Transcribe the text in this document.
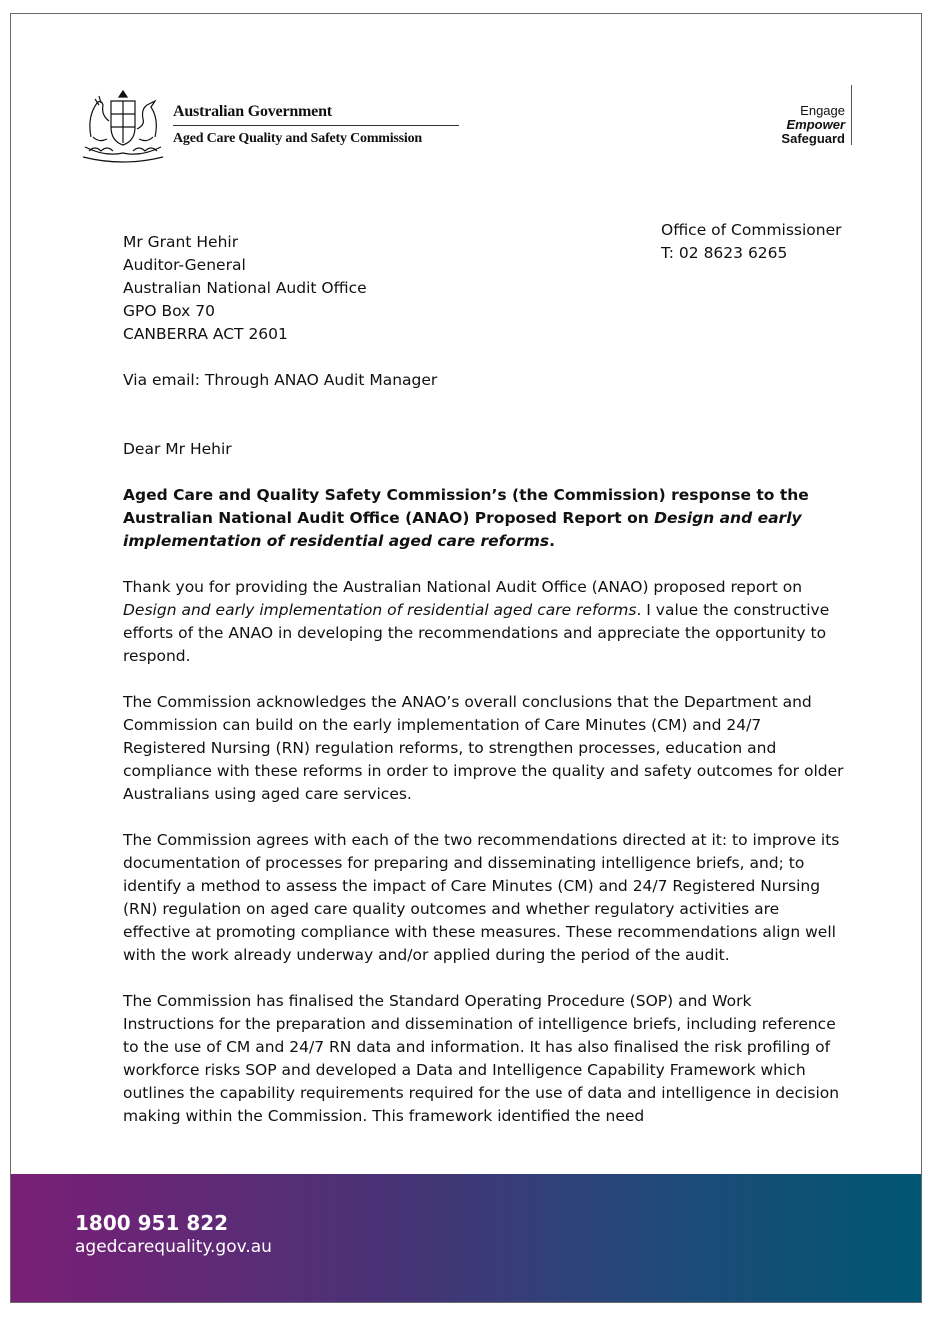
Australian Government
Aged Care Quality and Safety Commission
Engage
Empower
Safeguard
Office of Commissioner
T: 02 8623 6265
Mr Grant Hehir
Auditor-General
Australian National Audit Office
GPO Box 70
CANBERRA ACT 2601
Via email: Through ANAO Audit Manager
Dear Mr Hehir
Aged Care and Quality Safety Commission’s (the Commission) response to the Australian National Audit Office (ANAO) Proposed Report on Design and early implementation of residential aged care reforms.

Thank you for providing the Australian National Audit Office (ANAO) proposed report on Design and early implementation of residential aged care reforms. I value the constructive efforts of the ANAO in developing the recommendations and appreciate the opportunity to respond.

The Commission acknowledges the ANAO’s overall conclusions that the Department and Commission can build on the early implementation of Care Minutes (CM) and 24/7 Registered Nursing (RN) regulation reforms, to strengthen processes, education and compliance with these reforms in order to improve the quality and safety outcomes for older Australians using aged care services.

The Commission agrees with each of the two recommendations directed at it: to improve its documentation of processes for preparing and disseminating intelligence briefs, and; to identify a method to assess the impact of Care Minutes (CM) and 24/7 Registered Nursing (RN) regulation on aged care quality outcomes and whether regulatory activities are effective at promoting compliance with these measures. These recommendations align well with the work already underway and/or applied during the period of the audit.

The Commission has finalised the Standard Operating Procedure (SOP) and Work Instructions for the preparation and dissemination of intelligence briefs, including reference to the use of CM and 24/7 RN data and information. It has also finalised the risk profiling of workforce risks SOP and developed a Data and Intelligence Capability Framework which outlines the capability requirements required for the use of data and intelligence in decision making within the Commission. This framework identified the need

1800 951 822
agedcarequality.gov.au
